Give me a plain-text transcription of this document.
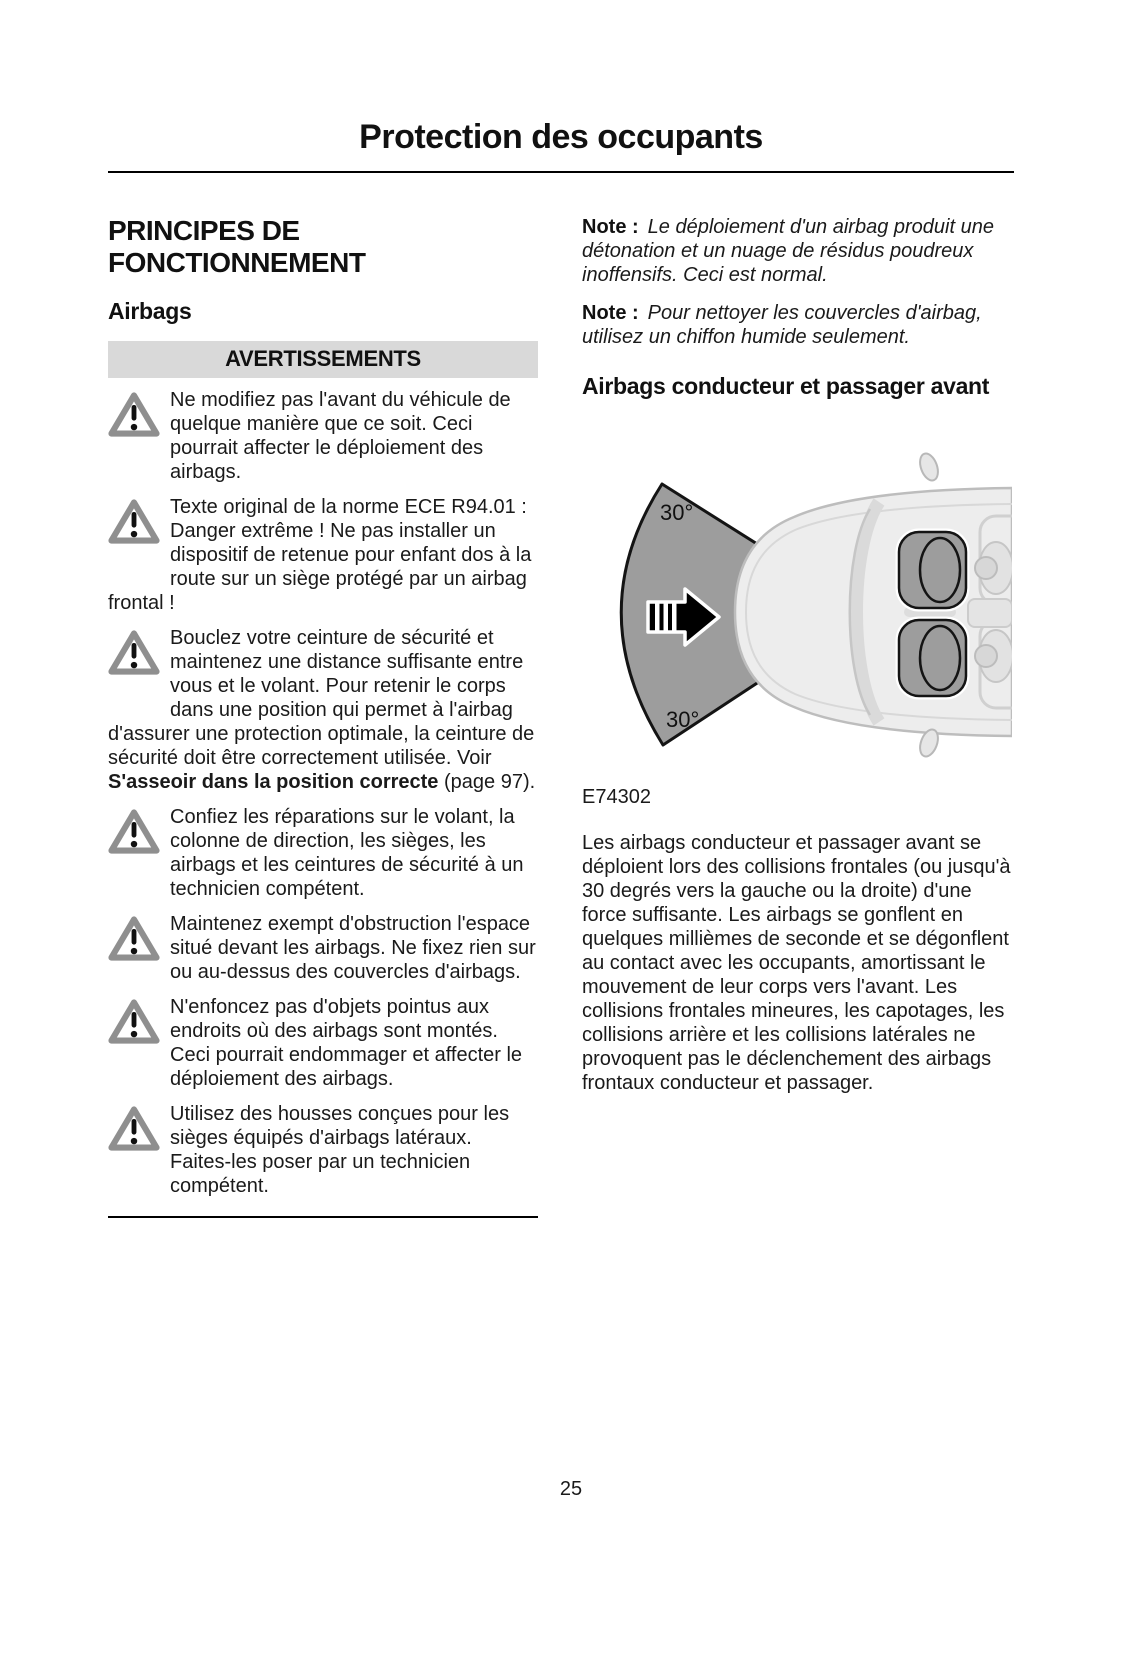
Protection des occupants
PRINCIPES DE FONCTIONNEMENT
Airbags
AVERTISSEMENTS

Ne modifiez pas l'avant du véhicule de quelque manière que ce soit. Ceci pourrait affecter le déploiement des airbags.

Texte original de la norme ECE R94.01 : Danger extrême ! Ne pas installer un dispositif de retenue pour enfant dos à la route sur un siège protégé par un airbag frontal !

Bouclez votre ceinture de sécurité et maintenez une distance suffisante entre vous et le volant. Pour retenir le corps dans une position qui permet à l'airbag d'assurer une protection optimale, la ceinture de sécurité doit être correctement utilisée. Voir S'asseoir dans la position correcte (page 97).

Confiez les réparations sur le volant, la colonne de direction, les sièges, les airbags et les ceintures de sécurité à un technicien compétent.

Maintenez exempt d'obstruction l'espace situé devant les airbags. Ne fixez rien sur ou au-dessus des couvercles d'airbags.

N'enfoncez pas d'objets pointus aux endroits où des airbags sont montés. Ceci pourrait endommager et affecter le déploiement des airbags.

Utilisez des housses conçues pour les sièges équipés d'airbags latéraux. Faites-les poser par un technicien compétent.

Note : Le déploiement d'un airbag produit une détonation et un nuage de résidus poudreux inoffensifs. Ceci est normal.

Note : Pour nettoyer les couvercles d'airbag, utilisez un chiffon humide seulement.

Airbags conducteur et passager avant
30°
30°
E74302

Les airbags conducteur et passager avant se déploient lors des collisions frontales (ou jusqu'à 30 degrés vers la gauche ou la droite) d'une force suffisante. Les airbags se gonflent en quelques millièmes de seconde et se dégonflent au contact avec les occupants, amortissant le mouvement de leur corps vers l'avant. Les collisions frontales mineures, les capotages, les collisions arrière et les collisions latérales ne provoquent pas le déclenchement des airbags frontaux conducteur et passager.

25
